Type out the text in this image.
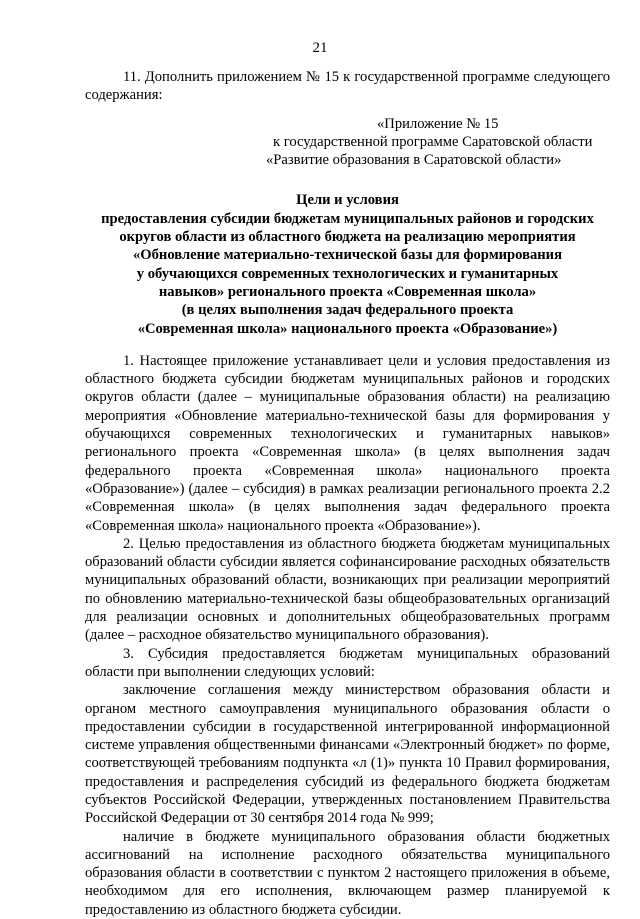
21

11. Дополнить приложением № 15 к государственной программе следующего содержания:

«Приложение № 15
к государственной программе Саратовской области
«Развитие образования в Саратовской области»
Цели и условия
предоставления субсидии бюджетам муниципальных районов и городских
округов области из областного бюджета на реализацию мероприятия
«Обновление материально-технической базы для формирования
у обучающихся современных технологических и гуманитарных
навыков» регионального проекта «Современная школа»
(в целях выполнения задач федерального проекта
«Современная школа» национального проекта «Образование»)

1. Настоящее приложение устанавливает цели и условия предоставления из областного бюджета субсидии бюджетам муниципальных районов и городских округов области (далее – муниципальные образования области) на реализацию мероприятия «Обновление материально-технической базы для формирования у обучающихся современных технологических и гуманитарных навыков» регионального проекта «Современная школа» (в целях выполнения задач федерального проекта «Современная школа» национального проекта «Образование») (далее – субсидия) в рамках реализации регионального проекта 2.2 «Современная школа» (в целях выполнения задач федерального проекта «Современная школа» национального проекта «Образование»).

2. Целью предоставления из областного бюджета бюджетам муниципальных образований области субсидии является софинансирование расходных обязательств муниципальных образований области, возникающих при реализации мероприятий по обновлению материально-технической базы общеобразовательных организаций для реализации основных и дополнительных общеобразовательных программ (далее – расходное обязательство муниципального образования).

3. Субсидия предоставляется бюджетам муниципальных образований области при выполнении следующих условий:

заключение соглашения между министерством образования области и органом местного самоуправления муниципального образования области о предоставлении субсидии в государственной интегрированной информационной системе управления общественными финансами «Электронный бюджет» по форме, соответствующей требованиям подпункта «л (1)» пункта 10 Правил формирования, предоставления и распределения субсидий из федерального бюджета бюджетам субъектов Российской Федерации, утвержденных постановлением Правительства Российской Федерации от 30 сентября 2014 года № 999;

наличие в бюджете муниципального образования области бюджетных ассигнований на исполнение расходного обязательства муниципального образования области в соответствии с пунктом 2 настоящего приложения в объеме, необходимом для его исполнения, включающем размер планируемой к предоставлению из областного бюджета субсидии.
